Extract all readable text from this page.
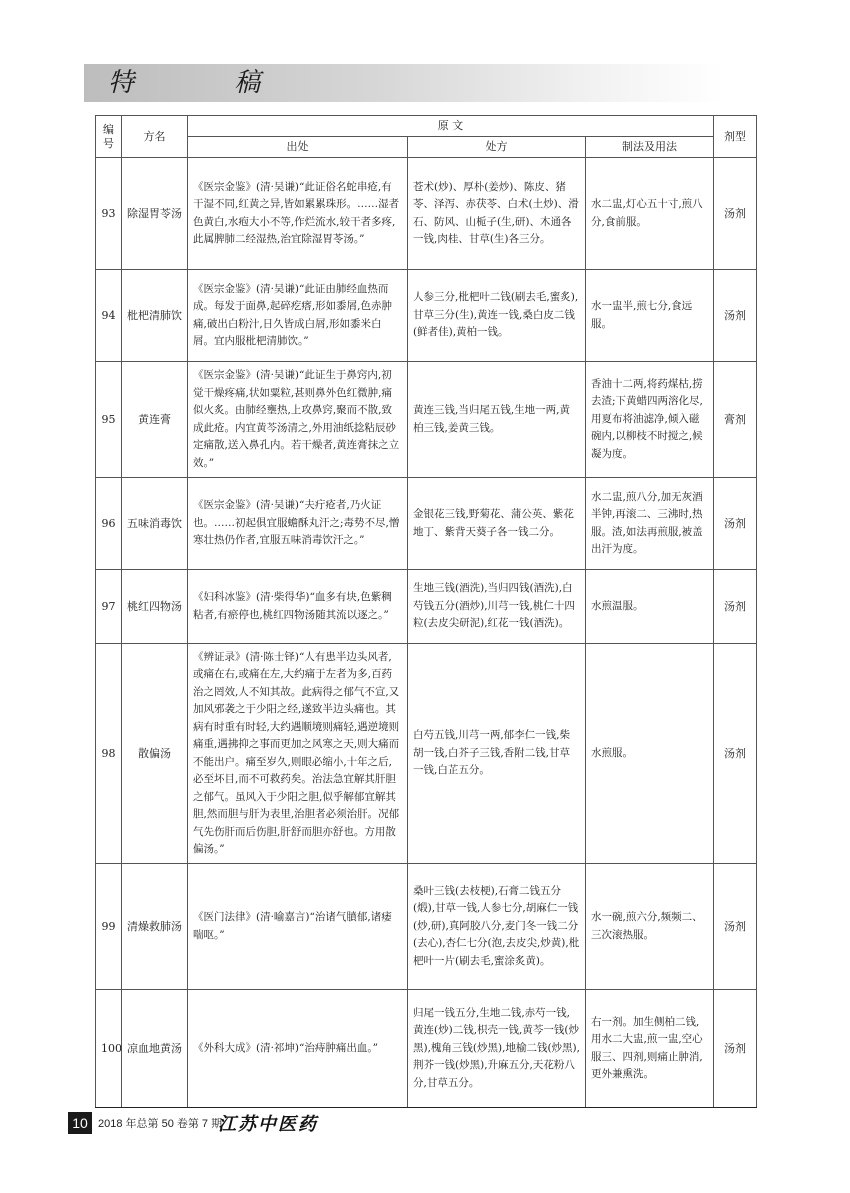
特 稿
编号	方名	原 文			剂型
		出处	处方	制法及用法	
93	除湿胃苓汤	《医宗金鉴》(清·吴谦)“此证俗名蛇串疮,有干湿不同,红黄之异,皆如累累珠形。……湿者色黄白,水疱大小不等,作烂流水,较干者多疼,此属脾肺二经湿热,治宜除湿胃苓汤。”	苍术(炒)、厚朴(姜炒)、陈皮、猪苓、泽泻、赤茯苓、白术(土炒)、滑石、防风、山栀子(生,研)、木通各一钱,肉桂、甘草(生)各三分。	水二盅,灯心五十寸,煎八分,食前服。	汤剂
94	枇杷清肺饮	《医宗金鉴》(清·吴谦)“此证由肺经血热而成。每发于面鼻,起碎疙瘩,形如黍屑,色赤肿痛,破出白粉汁,日久皆成白屑,形如黍米白屑。宜内服枇杷清肺饮。”	人参三分,枇杷叶二钱(刷去毛,蜜炙),甘草三分(生),黄连一钱,桑白皮二钱(鲜者佳),黄柏一钱。	水一盅半,煎七分,食远服。	汤剂
95	黄连膏	《医宗金鉴》(清·吴谦)“此证生于鼻窍内,初觉干燥疼痛,状如粟粒,甚则鼻外色红微肿,痛似火炙。由肺经壅热,上攻鼻窍,聚而不散,致成此疮。内宜黄芩汤清之,外用油纸捻粘辰砂定痛散,送入鼻孔内。若干燥者,黄连膏抹之立效。”	黄连三钱,当归尾五钱,生地一两,黄柏三钱,姜黄三钱。	香油十二两,将药煤枯,捞去渣;下黄蜡四两溶化尽,用夏布将油滤净,倾入磁碗内,以柳枝不时搅之,候凝为度。	膏剂
96	五味消毒饮	《医宗金鉴》(清·吴谦)“夫疔疮者,乃火证也。……初起俱宜服蟾酥丸汗之;毒势不尽,憎寒壮热仍作者,宜服五味消毒饮汗之。”	金银花三钱,野菊花、蒲公英、紫花地丁、紫背天葵子各一钱二分。	水二盅,煎八分,加无灰酒半钟,再滚二、三沸时,热服。渣,如法再煎服,被盖出汗为度。	汤剂
97	桃红四物汤	《妇科冰鉴》(清·柴得华)“血多有块,色紫稠粘者,有瘀停也,桃红四物汤随其流以逐之。”	生地三钱(酒洗),当归四钱(酒洗),白芍钱五分(酒炒),川芎一钱,桃仁十四粒(去皮尖研泥),红花一钱(酒洗)。	水煎温服。	汤剂
98	散偏汤	《辨证录》(清·陈士铎)“人有患半边头风者,或痛在右,或痛在左,大约痛于左者为多,百药治之罔效,人不知其故。此病得之郁气不宣,又加风邪袭之于少阳之经,遂致半边头痛也。其病有时重有时轻,大约遇顺境则痛轻,遇逆境则痛重,遇拂抑之事而更加之风寒之天,则大痛而不能出户。痛至岁久,则眼必缩小,十年之后,必至坏目,而不可救药矣。治法急宜解其肝胆之郁气。虽风入于少阳之胆,似乎解郁宜解其胆,然而胆与肝为表里,治胆者必须治肝。况郁气先伤肝而后伤胆,肝舒而胆亦舒也。方用散偏汤。”	白芍五钱,川芎一两,郁李仁一钱,柴胡一钱,白芥子三钱,香附二钱,甘草一钱,白芷五分。	水煎服。	汤剂
99	清燥救肺汤	《医门法律》(清·喻嘉言)“治诸气膹郁,诸痿喘呕。”	桑叶三钱(去枝梗),石膏二钱五分(煅),甘草一钱,人参七分,胡麻仁一钱(炒,研),真阿胶八分,麦门冬一钱二分(去心),杏仁七分(泡,去皮尖,炒黄),枇杷叶一片(刷去毛,蜜涂炙黄)。	水一碗,煎六分,频频二、三次滚热服。	汤剂
100	凉血地黄汤	《外科大成》(清·祁坤)“治痔肿痛出血。”	归尾一钱五分,生地二钱,赤芍一钱,黄连(炒)二钱,枳壳一钱,黄芩一钱(炒黑),槐角三钱(炒黑),地榆二钱(炒黑),荆芥一钱(炒黑),升麻五分,天花粉八分,甘草五分。	右一剂。加生侧柏二钱,用水二大盅,煎一盅,空心服三、四剂,则痛止肿消,更外兼熏洗。	汤剂
10 2018 年总第 50 卷第 7 期
江苏中医药
